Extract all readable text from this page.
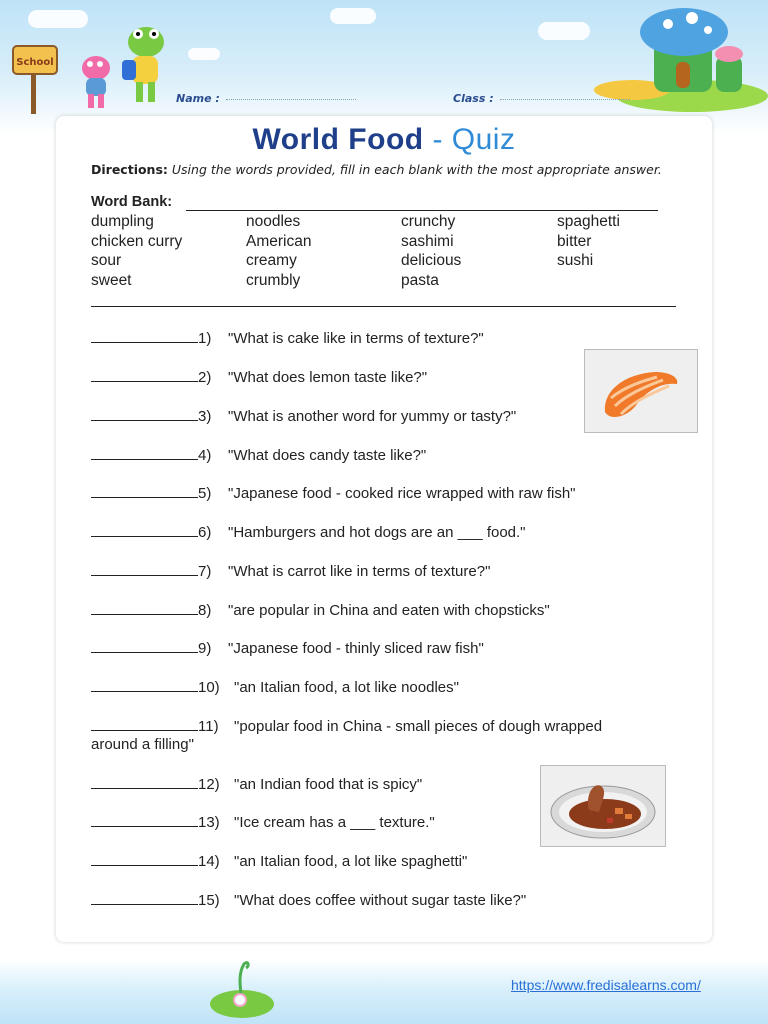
School
Name :	Class :
World Food - Quiz
Directions: Using the words provided, fill in each blank with the most appropriate answer.
Word Bank:
dumpling	noodles	crunchy	spaghetti
chicken curry	American	sashimi	bitter
sour	creamy	delicious	sushi
sweet	crumbly	pasta
1) "What is cake like in terms of texture?"
2) "What does lemon taste like?"
3) "What is another word for yummy or tasty?"
4) "What does candy taste like?"
5) "Japanese food - cooked rice wrapped with raw fish"
6) "Hamburgers and hot dogs are an ___ food."
7) "What is carrot like in terms of texture?"
8) "are popular in China and eaten with chopsticks"
9) "Japanese food - thinly sliced raw fish"
10) "an Italian food, a lot like noodles"
11) "popular food in China - small pieces of dough wrapped
around a filling"
12) "an Indian food that is spicy"
13) "Ice cream has a ___ texture."
14) "an Italian food, a lot like spaghetti"
15) "What does coffee without sugar taste like?"
https://www.fredisalearns.com/
